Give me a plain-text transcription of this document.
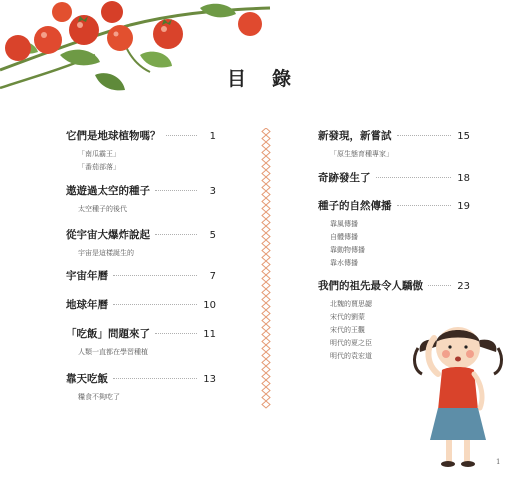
目 錄
它們是地球植物嗎？	1
「南瓜霸王」
「番茄部落」
遨遊過太空的種子	3
太空種子的後代
從宇宙大爆炸說起	5
宇宙是這樣誕生的
宇宙年曆	7
地球年曆	10
「吃飯」問題來了	11
人類一直都在學習種植
靠天吃飯	13
糧食不夠吃了
新發現，新嘗試	15
「原生態育種專家」
奇跡發生了	18
種子的自然傳播	19
靠風傳播
自體傳播
靠動物傳播
靠水傳播
我們的祖先最令人驕傲	23
北魏的賈思勰
宋代的劉蒙
宋代的王觀
明代的夏之臣
明代的袁宏道
1
